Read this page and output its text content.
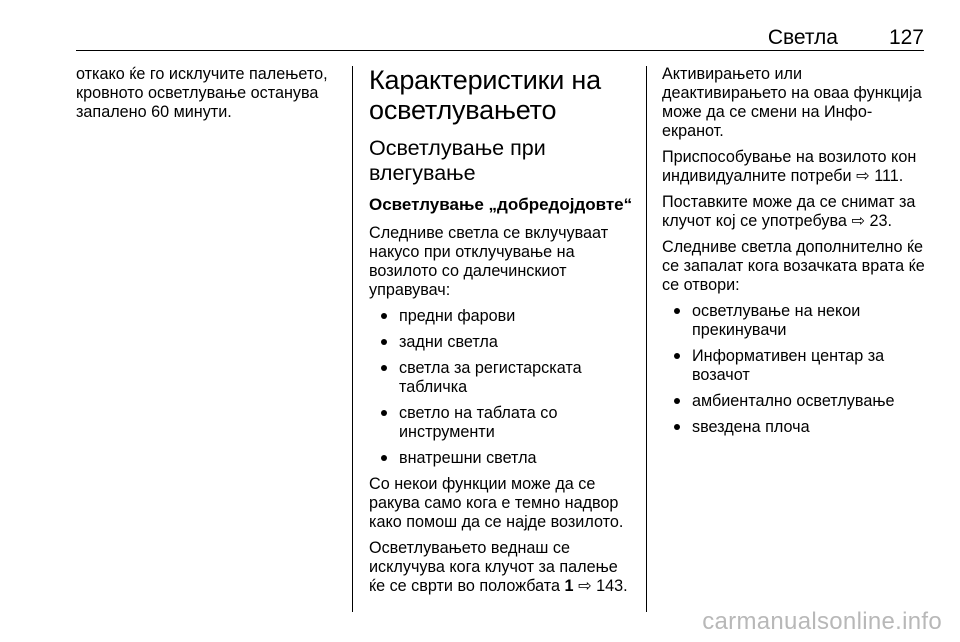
Светла 127

откако ќе го исклучите палењето, кровното осветлување останува запалено 60 минути.

Карактеристики на осветлувањето
Осветлување при влегување
Осветлување „добредојдовте“

Следниве светла се вклучуваат накусо при отклучување на возилото со далечинскиот управувач:

предни фарови
задни светла
светла за регистарската табличка
светло на таблата со инструменти
внатрешни светла

Со некои функции може да се ракува само кога е темно надвор како помош да се најде возилото.

Осветлувањето веднаш се исклучува кога клучот за палење ќе се сврти во положбата 1 ⇨ 143.

Активирањето или деактивирањето на оваа функција може да се смени на Инфо-екранот.

Приспособување на возилото кон индивидуалните потреби ⇨ 111.

Поставките може да се снимат за клучот кој се употребува ⇨ 23.

Следниве светла дополнително ќе се запалат кога возачката врата ќе се отвори:

осветлување на некои прекинувачи
Информативен центар за возачот
амбиентално осветлување
ѕвездена плоча
carmanualsonline.info
